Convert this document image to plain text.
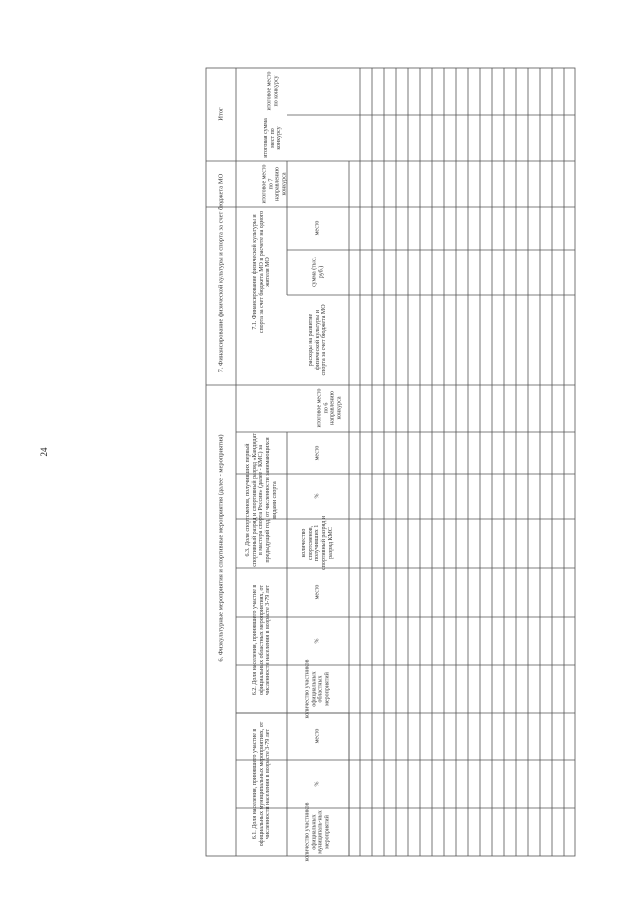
24	6. Физкультурные мероприятия и спортивные мероприятия (далее - мероприятия)
7. Финансирование физической культуры и спорта за счет бюджета МО
Итог
6.1. Доля населения, принявшего участие в официальных муниципальных мероприятиях, от численности населения в возрасте 3-79 лет
6.2. Доля населения, принявшего участие в официальных областных мероприятиях, от численности населения в возрасте 3-79 лет
6.3. Доля спортсменов, получивших первый спортивный разряд и спортивный разряд «Кандидат в мастера спорта России» (далее - КМС) за предыдущий год, от численности занимающихся видами спорта
7.1. Финансирование физической культуры и спорта за счет бюджета МО в расчете на одного жителя МО
количество участников официальных муниципаль-ных мероприятий
%
место
количество участников официальных областных мероприятий
%
место
количество спортсменов, получивших 1 спортивный разряд и разряд КМС
%
место
итоговое место по 6 направлению конкурса
расходы на развитие физической культуры и спорта за счет бюджета МО
сумма (тыс. руб.)
место
итоговое место по 7 направлению конкурса
итоговая сумма мест по конкурсу
итоговое место по конкурсу
